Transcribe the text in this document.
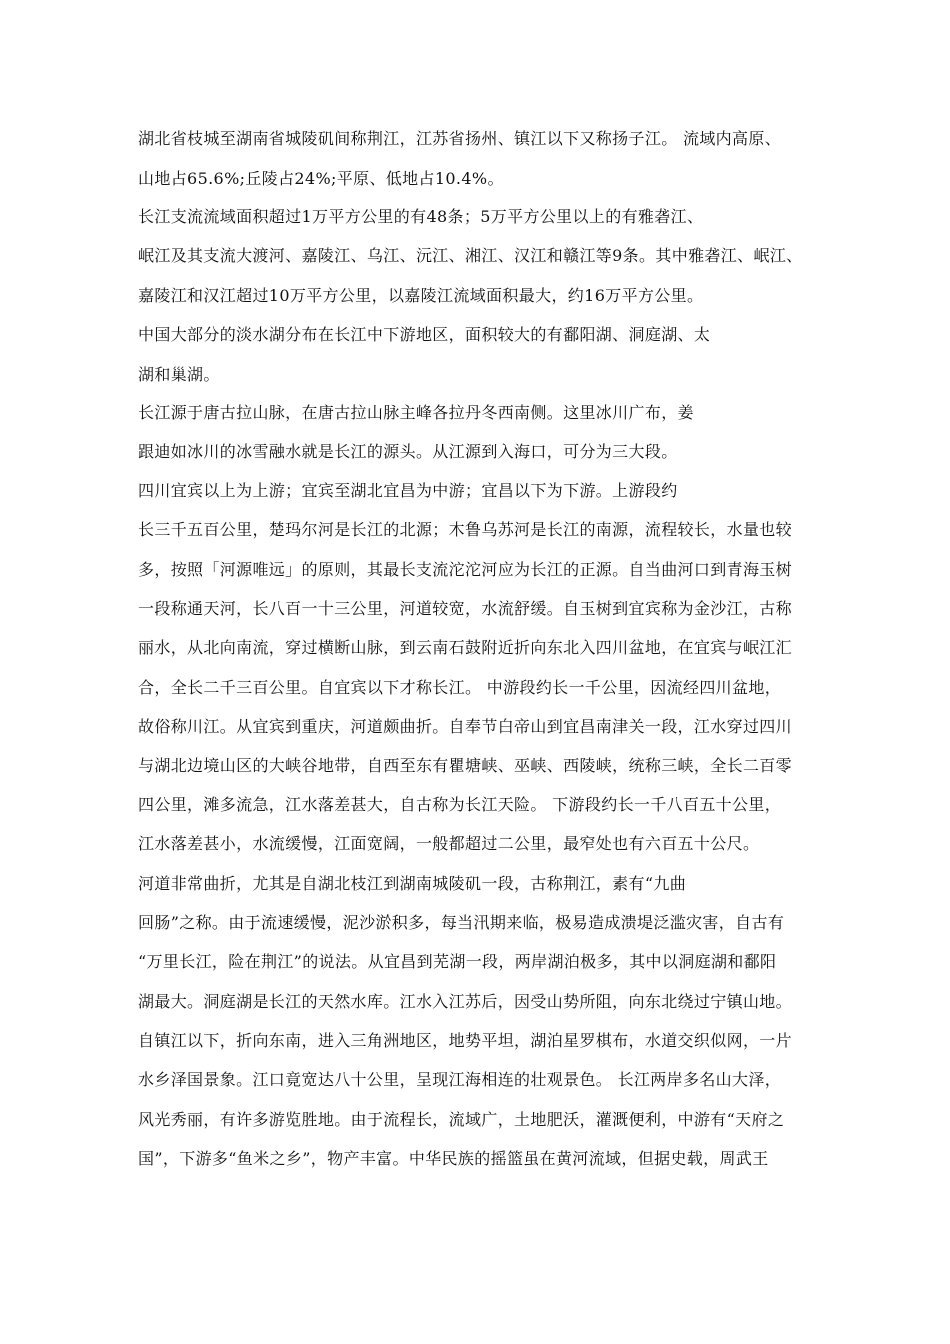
湖北省枝城至湖南省城陵矶间称荆江，江苏省扬州、镇江以下又称扬子江。 流域内高原、
山地占65.6%;丘陵占24%;平原、低地占10.4%。
长江支流流域面积超过1万平方公里的有48条；5万平方公里以上的有雅砻江、
岷江及其支流大渡河、嘉陵江、乌江、沅江、湘江、汉江和赣江等9条。其中雅砻江、岷江、
嘉陵江和汉江超过10万平方公里，以嘉陵江流域面积最大，约16万平方公里。
中国大部分的淡水湖分布在长江中下游地区，面积较大的有鄱阳湖、洞庭湖、太
湖和巢湖。
长江源于唐古拉山脉，在唐古拉山脉主峰各拉丹冬西南侧。这里冰川广布，姜
跟迪如冰川的冰雪融水就是长江的源头。从江源到入海口，可分为三大段。
四川宜宾以上为上游；宜宾至湖北宜昌为中游；宜昌以下为下游。上游段约
长三千五百公里，楚玛尔河是长江的北源；木鲁乌苏河是长江的南源，流程较长，水量也较
多，按照「河源唯远」的原则，其最长支流沱沱河应为长江的正源。自当曲河口到青海玉树
一段称通天河，长八百一十三公里，河道较宽，水流舒缓。自玉树到宜宾称为金沙江，古称
丽水，从北向南流，穿过横断山脉，到云南石鼓附近折向东北入四川盆地，在宜宾与岷江汇
合，全长二千三百公里。自宜宾以下才称长江。 中游段约长一千公里，因流经四川盆地，
故俗称川江。从宜宾到重庆，河道颇曲折。自奉节白帝山到宜昌南津关一段，江水穿过四川
与湖北边境山区的大峡谷地带，自西至东有瞿塘峡、巫峡、西陵峡，统称三峡，全长二百零
四公里，滩多流急，江水落差甚大，自古称为长江天险。 下游段约长一千八百五十公里，
江水落差甚小，水流缓慢，江面宽阔，一般都超过二公里，最窄处也有六百五十公尺。
河道非常曲折，尤其是自湖北枝江到湖南城陵矶一段，古称荆江，素有“九曲
回肠”之称。由于流速缓慢，泥沙淤积多，每当汛期来临，极易造成溃堤泛滥灾害，自古有
“万里长江，险在荆江”的说法。从宜昌到芜湖一段，两岸湖泊极多，其中以洞庭湖和鄱阳
湖最大。洞庭湖是长江的天然水库。江水入江苏后，因受山势所阻，向东北绕过宁镇山地。
自镇江以下，折向东南，进入三角洲地区，地势平坦，湖泊星罗棋布，水道交织似网，一片
水乡泽国景象。江口竟宽达八十公里，呈现江海相连的壮观景色。 长江两岸多名山大泽，
风光秀丽，有许多游览胜地。由于流程长，流域广，土地肥沃，灌溉便利，中游有“天府之
国”，下游多“鱼米之乡”，物产丰富。中华民族的摇篮虽在黄河流域，但据史载，周武王
